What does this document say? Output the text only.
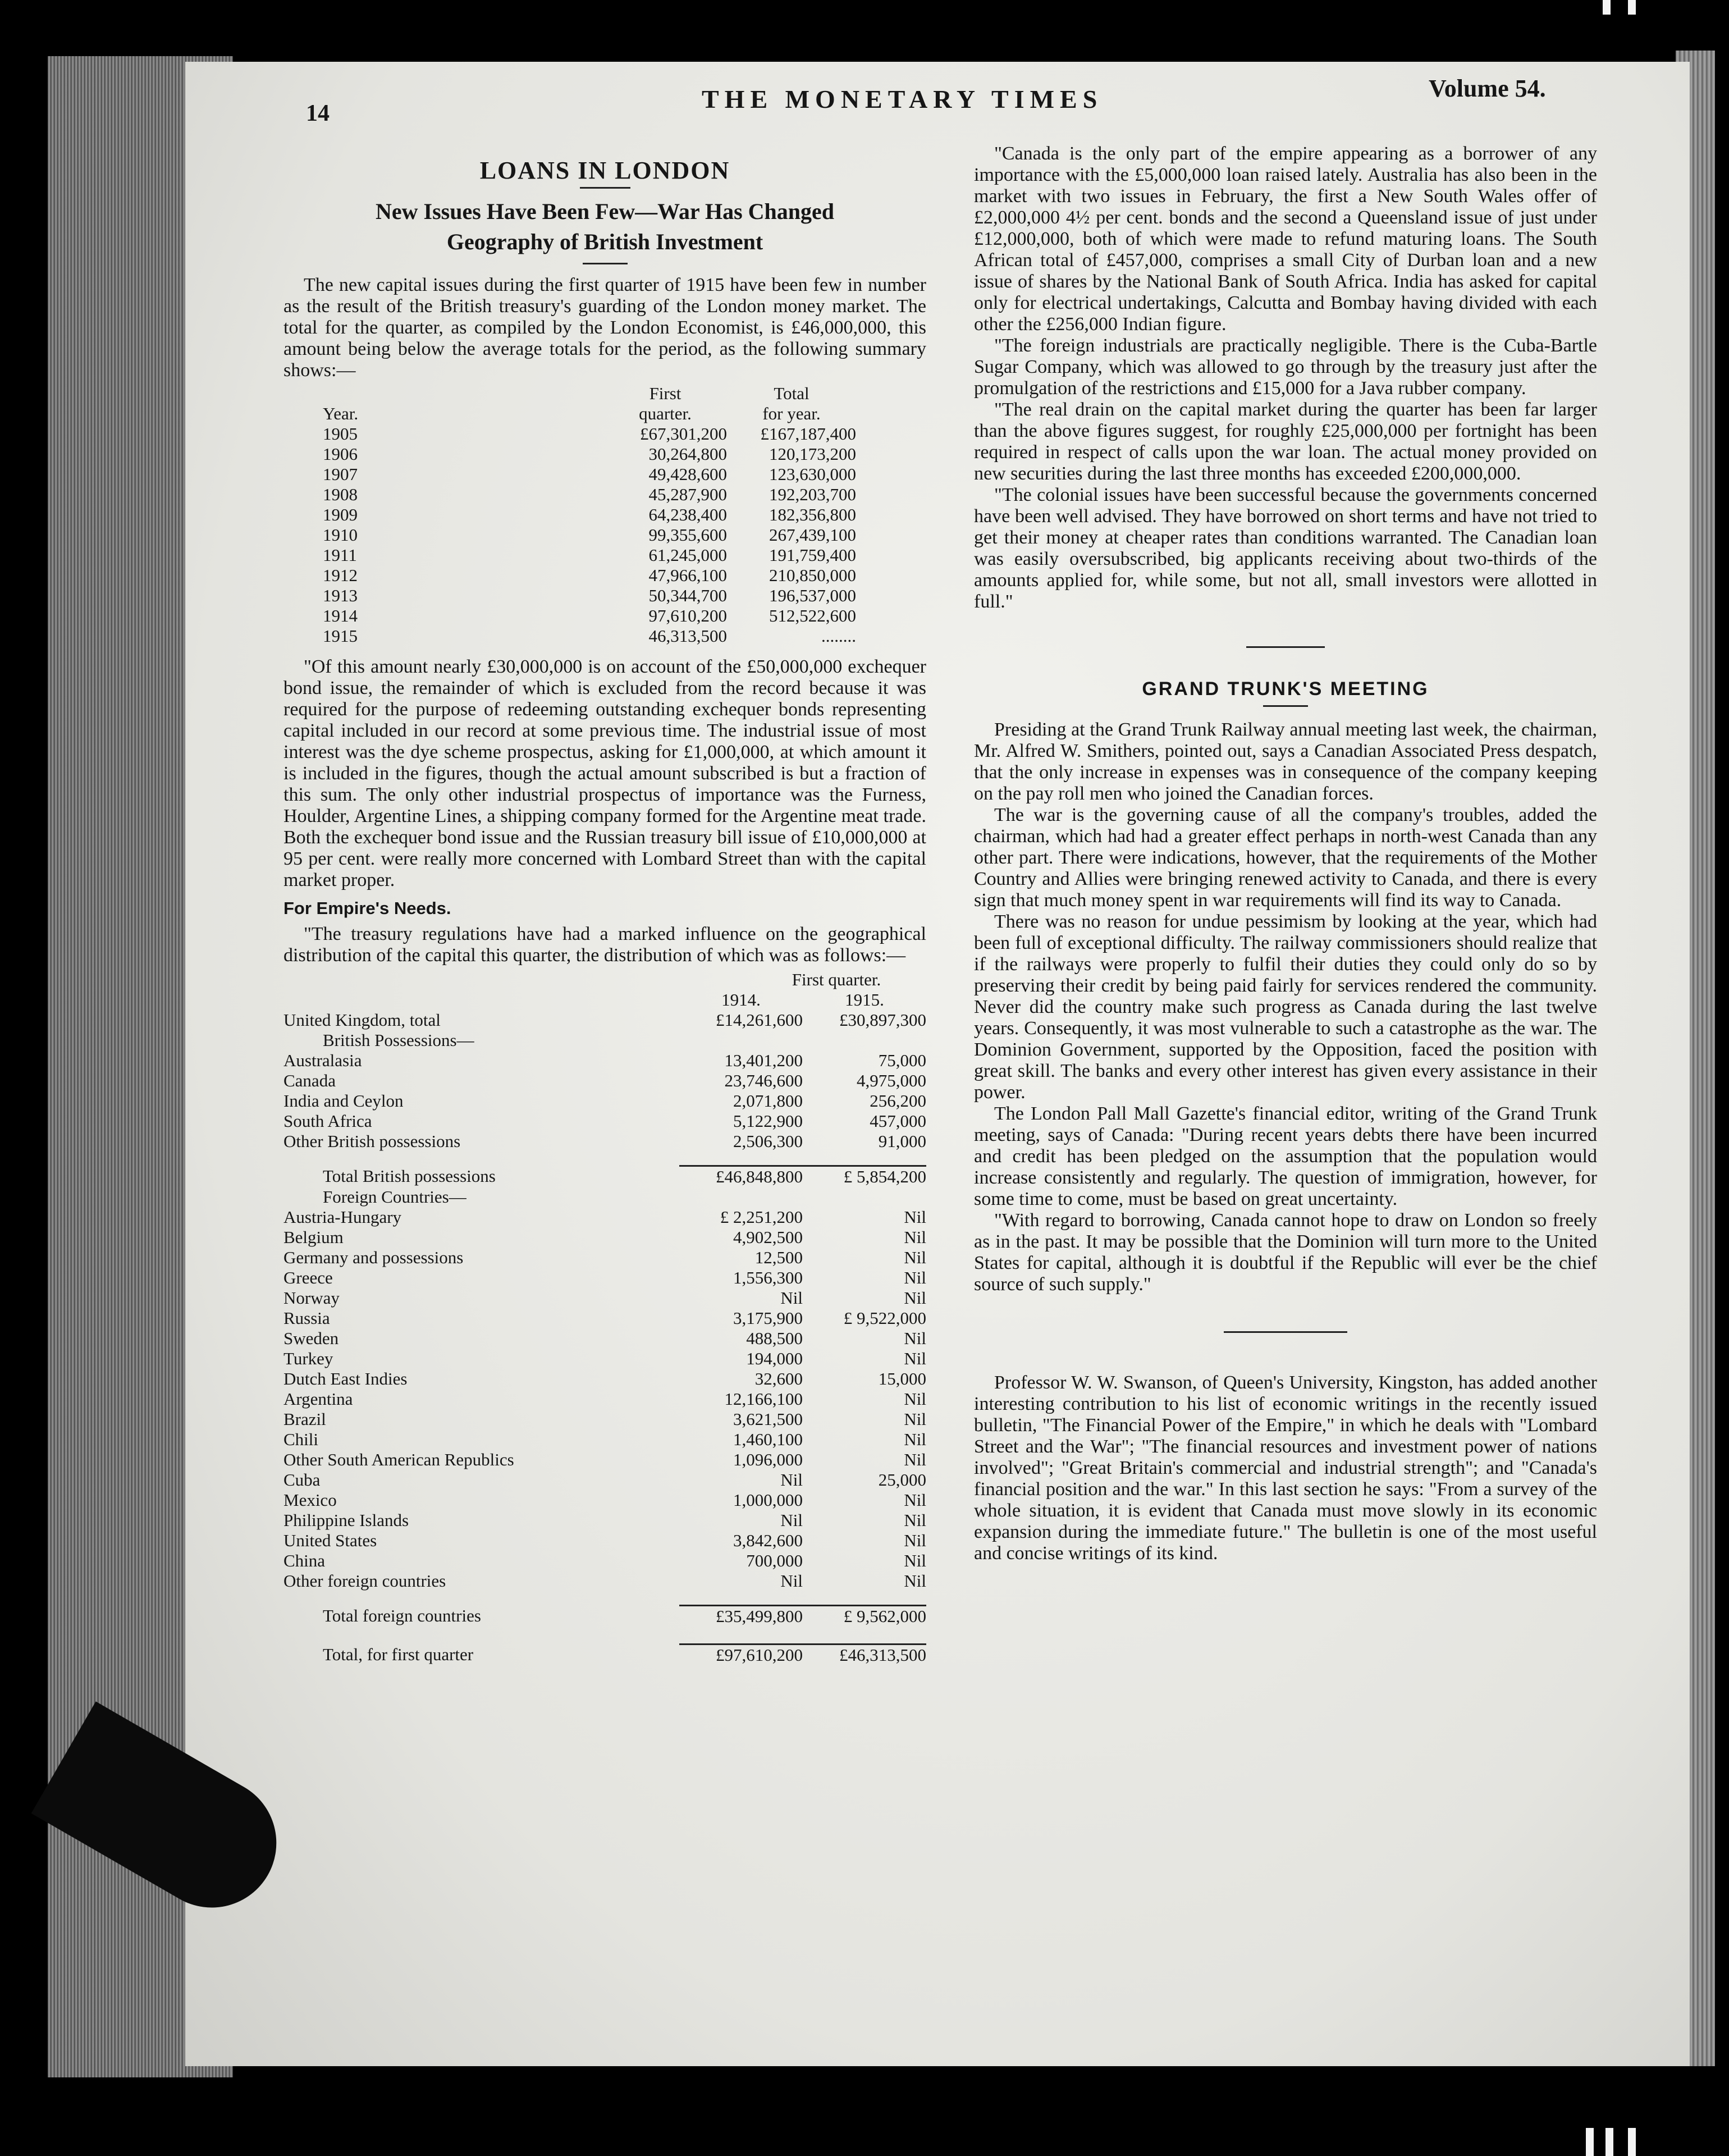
14	THE MONETARY TIMES	Volume 54.
LOANS IN LONDON
New Issues Have Been Few—War Has Changed
Geography of British Investment

The new capital issues during the first quarter of 1915 have been few in number as the result of the British treasury's guarding of the London money market. The total for the quarter, as compiled by the London Economist, is £46,000,000, this amount being below the average totals for the period, as the following summary shows:—

	First	Total
Year.	quarter.	for year.
1905	£67,301,200	£167,187,400
1906	30,264,800	120,173,200
1907	49,428,600	123,630,000
1908	45,287,900	192,203,700
1909	64,238,400	182,356,800
1910	99,355,600	267,439,100
1911	61,245,000	191,759,400
1912	47,966,100	210,850,000
1913	50,344,700	196,537,000
1914	97,610,200	512,522,600
1915	46,313,500	........

"Of this amount nearly £30,000,000 is on account of the £50,000,000 exchequer bond issue, the remainder of which is excluded from the record because it was required for the purpose of redeeming outstanding exchequer bonds representing capital included in our record at some previous time. The industrial issue of most interest was the dye scheme prospectus, asking for £1,000,000, at which amount it is included in the figures, though the actual amount subscribed is but a fraction of this sum. The only other industrial prospectus of importance was the Furness, Houlder, Argentine Lines, a shipping company formed for the Argentine meat trade. Both the exchequer bond issue and the Russian treasury bill issue of £10,000,000 at 95 per cent. were really more concerned with Lombard Street than with the capital market proper.

For Empire's Needs.

"The treasury regulations have had a marked influence on the geographical distribution of the capital this quarter, the distribution of which was as follows:—

	First quarter.	
	1914.	1915.
United Kingdom, total	£14,261,600	£30,897,300
British Possessions—		
Australasia	13,401,200	75,000
Canada	23,746,600	4,975,000
India and Ceylon	2,071,800	256,200
South Africa	5,122,900	457,000
Other British possessions	2,506,300	91,000

Total British possessions	£46,848,800	£ 5,854,200
Foreign Countries—		
Austria-Hungary	£ 2,251,200	Nil
Belgium	4,902,500	Nil
Germany and possessions	12,500	Nil
Greece	1,556,300	Nil
Norway	Nil	Nil
Russia	3,175,900	£ 9,522,000
Sweden	488,500	Nil
Turkey	194,000	Nil
Dutch East Indies	32,600	15,000
Argentina	12,166,100	Nil
Brazil	3,621,500	Nil
Chili	1,460,100	Nil
Other South American Republics	1,096,000	Nil
Cuba	Nil	25,000
Mexico	1,000,000	Nil
Philippine Islands	Nil	Nil
United States	3,842,600	Nil
China	700,000	Nil
Other foreign countries	Nil	Nil

Total foreign countries	£35,499,800	£ 9,562,000

Total, for first quarter	£97,610,200	£46,313,500

"Canada is the only part of the empire appearing as a borrower of any importance with the £5,000,000 loan raised lately. Australia has also been in the market with two issues in February, the first a New South Wales offer of £2,000,000 4½ per cent. bonds and the second a Queensland issue of just under £12,000,000, both of which were made to refund maturing loans. The South African total of £457,000, comprises a small City of Durban loan and a new issue of shares by the National Bank of South Africa. India has asked for capital only for electrical undertakings, Calcutta and Bombay having divided with each other the £256,000 Indian figure.

"The foreign industrials are practically negligible. There is the Cuba-Bartle Sugar Company, which was allowed to go through by the treasury just after the promulgation of the restrictions and £15,000 for a Java rubber company.

"The real drain on the capital market during the quarter has been far larger than the above figures suggest, for roughly £25,000,000 per fortnight has been required in respect of calls upon the war loan. The actual money provided on new securities during the last three months has exceeded £200,000,000.

"The colonial issues have been successful because the governments concerned have been well advised. They have borrowed on short terms and have not tried to get their money at cheaper rates than conditions warranted. The Canadian loan was easily oversubscribed, big applicants receiving about two-thirds of the amounts applied for, while some, but not all, small investors were allotted in full."

GRAND TRUNK'S MEETING

Presiding at the Grand Trunk Railway annual meeting last week, the chairman, Mr. Alfred W. Smithers, pointed out, says a Canadian Associated Press despatch, that the only increase in expenses was in consequence of the company keeping on the pay roll men who joined the Canadian forces.

The war is the governing cause of all the company's troubles, added the chairman, which had had a greater effect perhaps in north-west Canada than any other part. There were indications, however, that the requirements of the Mother Country and Allies were bringing renewed activity to Canada, and there is every sign that much money spent in war requirements will find its way to Canada.

There was no reason for undue pessimism by looking at the year, which had been full of exceptional difficulty. The railway commissioners should realize that if the railways were properly to fulfil their duties they could only do so by preserving their credit by being paid fairly for services rendered the community. Never did the country make such progress as Canada during the last twelve years. Consequently, it was most vulnerable to such a catastrophe as the war. The Dominion Government, supported by the Opposition, faced the position with great skill. The banks and every other interest has given every assistance in their power.

The London Pall Mall Gazette's financial editor, writing of the Grand Trunk meeting, says of Canada: "During recent years debts there have been incurred and credit has been pledged on the assumption that the population would increase consistently and regularly. The question of immigration, however, for some time to come, must be based on great uncertainty.

"With regard to borrowing, Canada cannot hope to draw on London so freely as in the past. It may be possible that the Dominion will turn more to the United States for capital, although it is doubtful if the Republic will ever be the chief source of such supply."

Professor W. W. Swanson, of Queen's University, Kingston, has added another interesting contribution to his list of economic writings in the recently issued bulletin, "The Financial Power of the Empire," in which he deals with "Lombard Street and the War"; "The financial resources and investment power of nations involved"; "Great Britain's commercial and industrial strength"; and "Canada's financial position and the war." In this last section he says: "From a survey of the whole situation, it is evident that Canada must move slowly in its economic expansion during the immediate future." The bulletin is one of the most useful and concise writings of its kind.
